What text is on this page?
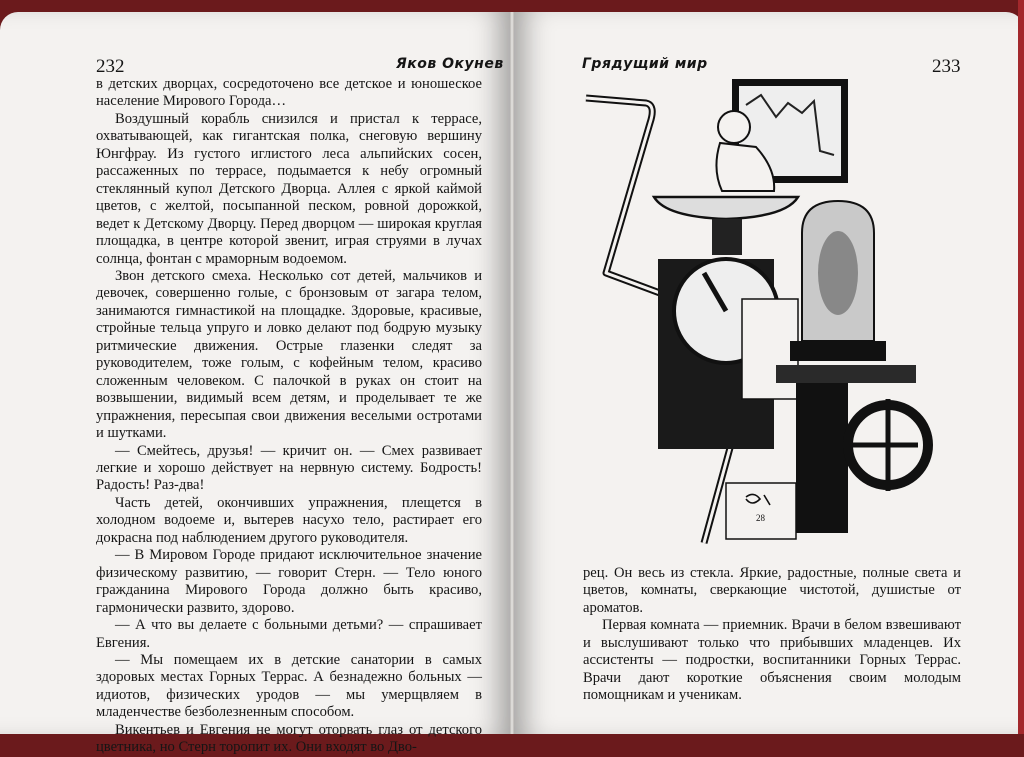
232	Яков Окунев

в детских дворцах, сосредоточено все детское и юношеское население Мирового Города…

Воздушный корабль снизился и пристал к террасе, охватывающей, как гигантская полка, снеговую вершину Юнгфрау. Из густого иглистого леса альпийских сосен, рассаженных по террасе, подымается к небу огромный стеклянный купол Детского Дворца. Аллея с яркой каймой цветов, с желтой, посыпанной песком, ровной дорожкой, ведет к Детскому Дворцу. Перед дворцом — широкая круглая площадка, в центре которой звенит, играя струями в лучах солнца, фонтан с мраморным водоемом.

Звон детского смеха. Несколько сот детей, мальчиков и девочек, совершенно голые, с бронзовым от загара телом, занимаются гимнастикой на площадке. Здоровые, красивые, стройные тельца упруго и ловко делают под бодрую музыку ритмические движения. Острые глазенки следят за руководителем, тоже голым, с кофейным телом, красиво сложенным человеком. С палочкой в руках он стоит на возвышении, видимый всем детям, и проделывает те же упражнения, пересыпая свои движения веселыми остротами и шутками.

— Смейтесь, друзья! — кричит он. — Смех развивает легкие и хорошо действует на нервную систему. Бодрость! Радость! Раз-два!

Часть детей, окончивших упражнения, плещется в холодном водоеме и, вытерев насухо тело, растирает его докрасна под наблюдением другого руководителя.

— В Мировом Городе придают исключительное значение физическому развитию, — говорит Стерн. — Тело юного гражданина Мирового Города должно быть красиво, гармонически развито, здорово.

— А что вы делаете с больными детьми? — спрашивает Евгения.

— Мы помещаем их в детские санатории в самых здоровых местах Горных Террас. А безнадежно больных — идиотов, физических уродов — мы умерщвляем в младенчестве безболезненным способом.

Викентьев и Евгения не могут оторвать глаз от детского цветника, но Стерн торопит их. Они входят во Дво-

Грядущий мир	233
28

рец. Он весь из стекла. Яркие, радостные, полные света и цветов, комнаты, сверкающие чистотой, душистые от ароматов.

Первая комната — приемник. Врачи в белом взвешивают и выслушивают только что прибывших младенцев. Их ассистенты — подростки, воспитанники Горных Террас. Врачи дают короткие объяснения своим молодым помощникам и ученикам.
